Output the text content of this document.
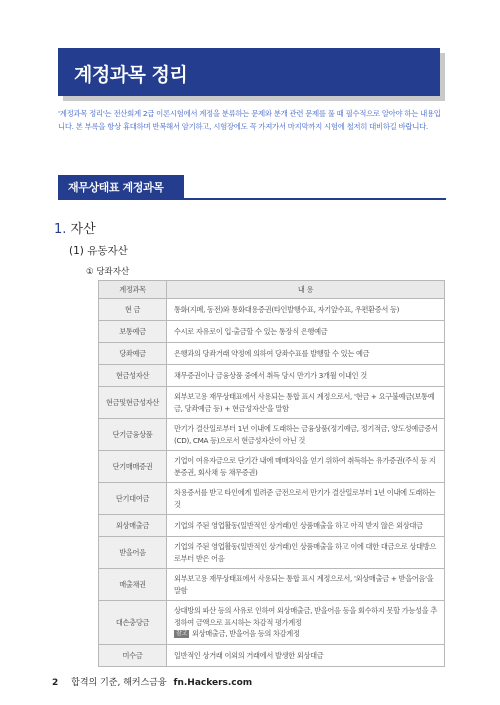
계정과목 정리

'계정과목 정리'는 전산회계 2급 이론시험에서 계정을 분류하는 문제와 분개 관련 문제를 풀 때 필수적으로 알아야 하는 내용입니다. 본 부록을 항상 휴대하며 반복해서 암기하고, 시험장에도 꼭 가져가서 마지막까지 시험에 철저히 대비하길 바랍니다.

재무상태표 계정과목
1. 자산
(1) 유동자산
① 당좌자산
계정과목	내 용
현 금	통화(지폐, 동전)와 통화대용증권(타인발행수표, 자기앞수표, 우편환증서 등)
보통예금	수시로 자유로이 입·출금할 수 있는 통장식 은행예금
당좌예금	은행과의 당좌거래 약정에 의하여 당좌수표를 발행할 수 있는 예금
현금성자산	채무증권이나 금융상품 중에서 취득 당시 만기가 3개월 이내인 것
현금및현금성자산	외부보고용 재무상태표에서 사용되는 통합 표시 계정으로서, '현금 + 요구불예금(보통예금, 당좌예금 등) + 현금성자산'을 말함
단기금융상품	만기가 결산일로부터 1년 이내에 도래하는 금융상품(정기예금, 정기적금, 양도성예금증서(CD), CMA 등)으로서 현금성자산이 아닌 것
단기매매증권	기업이 여유자금으로 단기간 내에 매매차익을 얻기 위하여 취득하는 유가증권(주식 등 지분증권, 회사채 등 채무증권)
단기대여금	차용증서를 받고 타인에게 빌려준 금전으로서 만기가 결산일로부터 1년 이내에 도래하는 것
외상매출금	기업의 주된 영업활동(일반적인 상거래)인 상품매출을 하고 아직 받지 않은 외상대금
받을어음	기업의 주된 영업활동(일반적인 상거래)인 상품매출을 하고 이에 대한 대금으로 상대방으로부터 받은 어음
매출채권	외부보고용 재무상태표에서 사용되는 통합 표시 계정으로서, '외상매출금 + 받을어음'을 말함
대손충당금	상대방의 파산 등의 사유로 인하여 외상매출금, 받을어음 등을 회수하지 못할 가능성을 추정하여 금액으로 표시하는 차감적 평가계정
참고 외상매출금, 받을어음 등의 차감계정
미수금	일반적인 상거래 이외의 거래에서 발생한 외상대금
2 합격의 기준, 해커스금융 fn.Hackers.com
